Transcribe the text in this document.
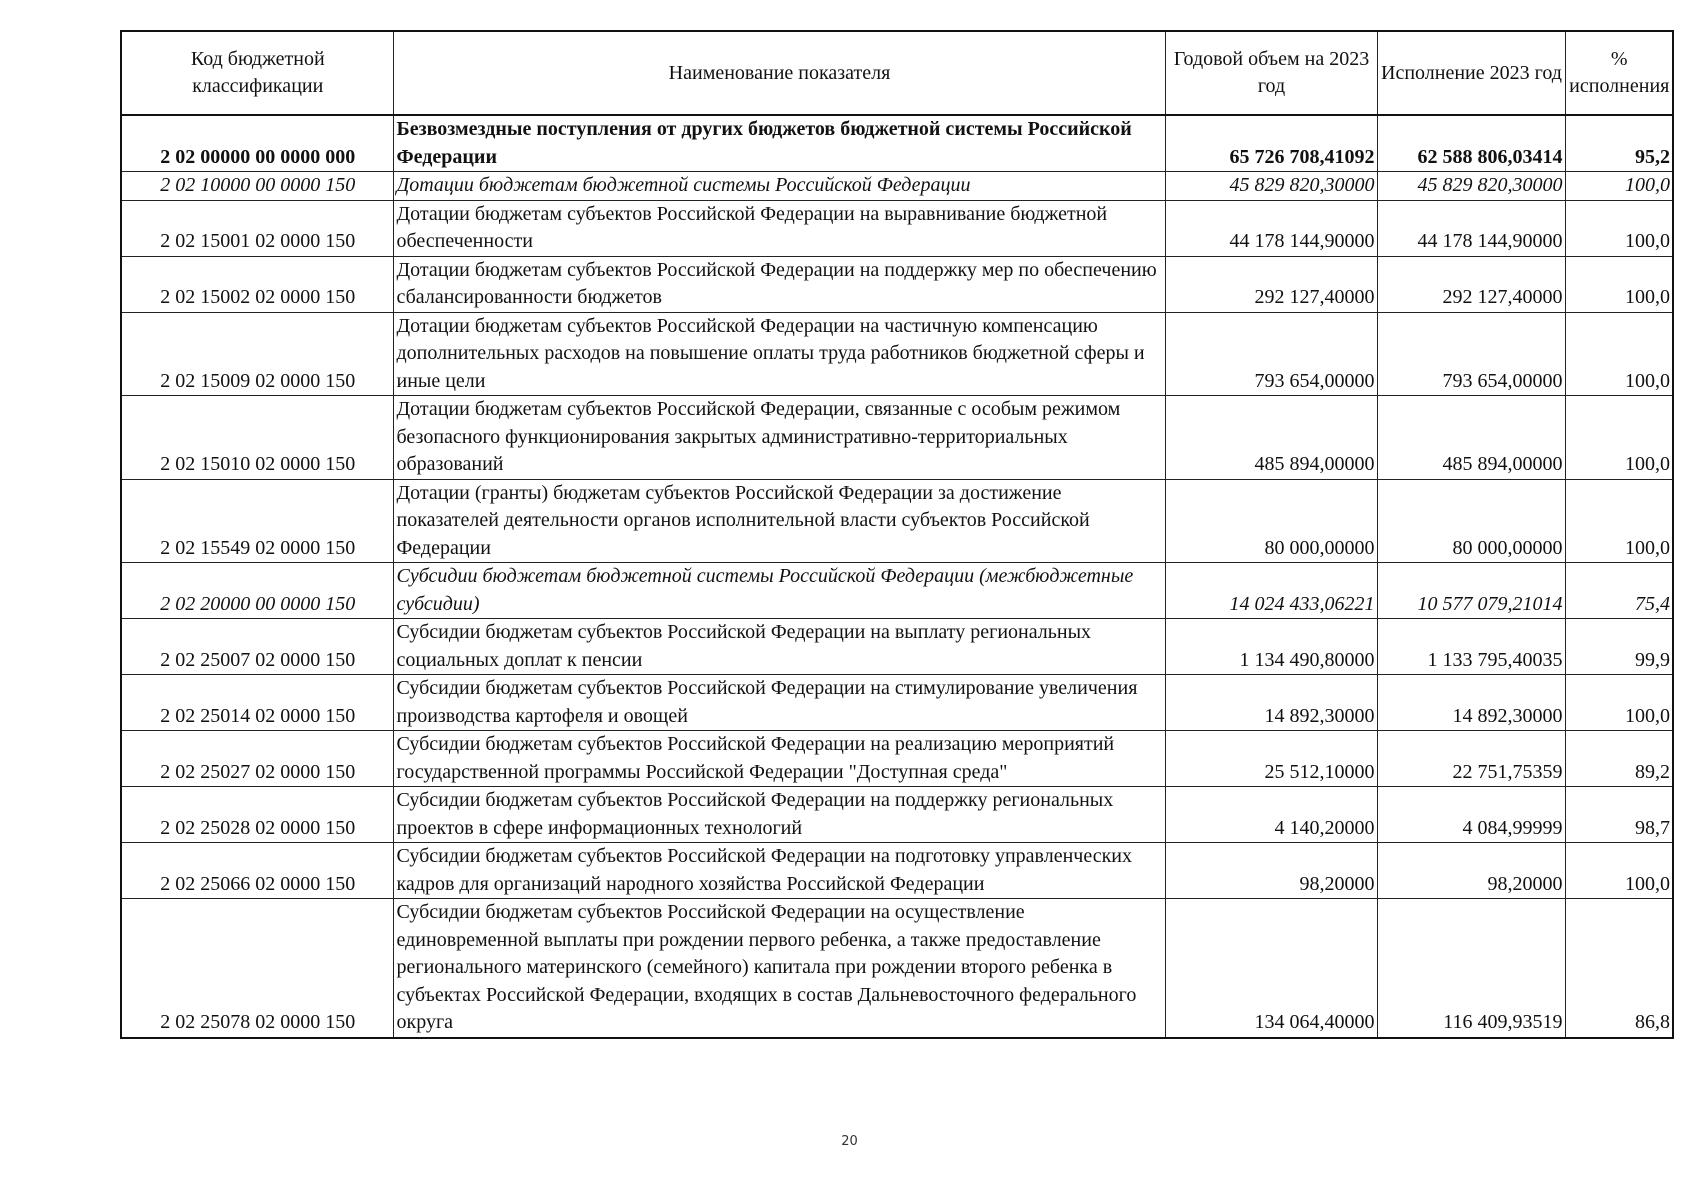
Код бюджетной классификации	Наименование показателя	Годовой объем на 2023 год	Исполнение 2023 год	% исполнения
2 02 00000 00 0000 000	Безвозмездные поступления от других бюджетов бюджетной системы Российской Федерации	65 726 708,41092	62 588 806,03414	95,2
2 02 10000 00 0000 150	Дотации бюджетам бюджетной системы Российской Федерации	45 829 820,30000	45 829 820,30000	100,0
2 02 15001 02 0000 150	Дотации бюджетам субъектов Российской Федерации на выравнивание бюджетной обеспеченности	44 178 144,90000	44 178 144,90000	100,0
2 02 15002 02 0000 150	Дотации бюджетам субъектов Российской Федерации на поддержку мер по обеспечению сбалансированности бюджетов	292 127,40000	292 127,40000	100,0
2 02 15009 02 0000 150	Дотации бюджетам субъектов Российской Федерации на частичную компенсацию дополнительных расходов на повышение оплаты труда работников бюджетной сферы и иные цели	793 654,00000	793 654,00000	100,0
2 02 15010 02 0000 150	Дотации бюджетам субъектов Российской Федерации, связанные с особым режимом безопасного функционирования закрытых административно-территориальных образований	485 894,00000	485 894,00000	100,0
2 02 15549 02 0000 150	Дотации (гранты) бюджетам субъектов Российской Федерации за достижение показателей деятельности органов исполнительной власти субъектов Российской Федерации	80 000,00000	80 000,00000	100,0
2 02 20000 00 0000 150	Субсидии бюджетам бюджетной системы Российской Федерации (межбюджетные субсидии)	14 024 433,06221	10 577 079,21014	75,4
2 02 25007 02 0000 150	Субсидии бюджетам субъектов Российской Федерации на выплату региональных социальных доплат к пенсии	1 134 490,80000	1 133 795,40035	99,9
2 02 25014 02 0000 150	Субсидии бюджетам субъектов Российской Федерации на стимулирование увеличения производства картофеля и овощей	14 892,30000	14 892,30000	100,0
2 02 25027 02 0000 150	Субсидии бюджетам субъектов Российской Федерации на реализацию мероприятий государственной программы Российской Федерации "Доступная среда"	25 512,10000	22 751,75359	89,2
2 02 25028 02 0000 150	Субсидии бюджетам субъектов Российской Федерации на поддержку региональных проектов в сфере информационных технологий	4 140,20000	4 084,99999	98,7
2 02 25066 02 0000 150	Субсидии бюджетам субъектов Российской Федерации на подготовку управленческих кадров для организаций народного хозяйства Российской Федерации	98,20000	98,20000	100,0
2 02 25078 02 0000 150	Субсидии бюджетам субъектов Российской Федерации на осуществление единовременной выплаты при рождении первого ребенка, а также предоставление регионального материнского (семейного) капитала при рождении второго ребенка в субъектах Российской Федерации, входящих в состав Дальневосточного федерального округа	134 064,40000	116 409,93519	86,8
20
